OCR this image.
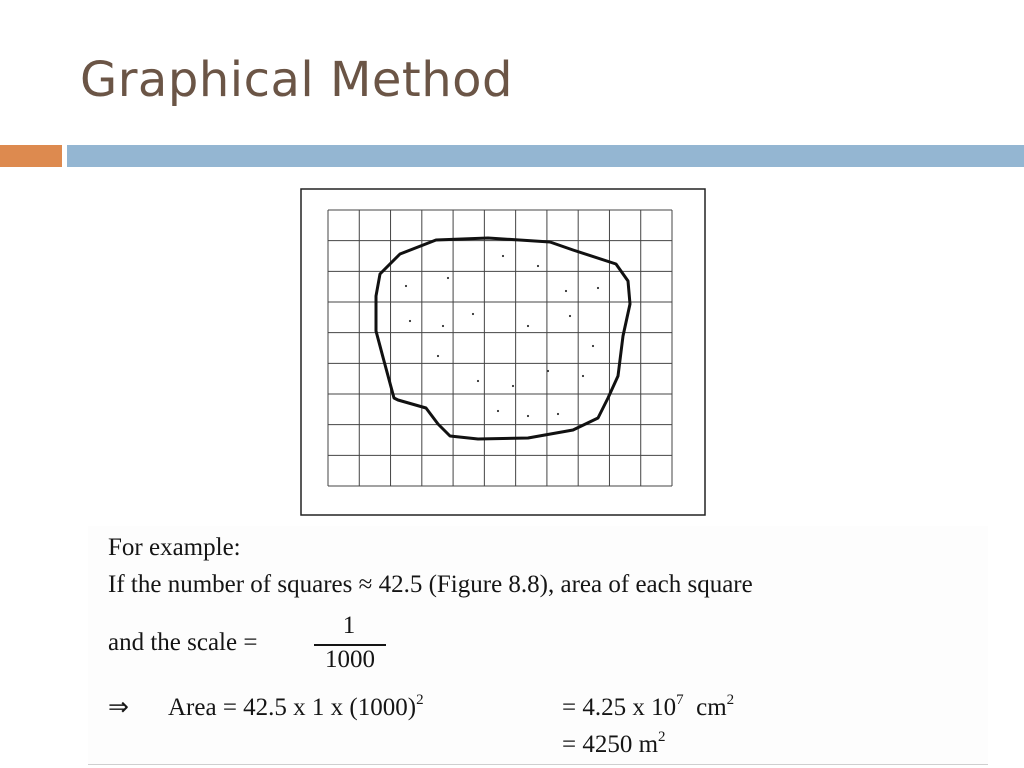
Graphical Method
For example:
If the number of squares ≈ 42.5 (Figure 8.8), area of each square
and the scale =
1
1000
⇒ Area = 42.5 x 1 x $(1000)^2$	= 4.25 x $10^7$ $cm^2$
= 4250 $m^2$
